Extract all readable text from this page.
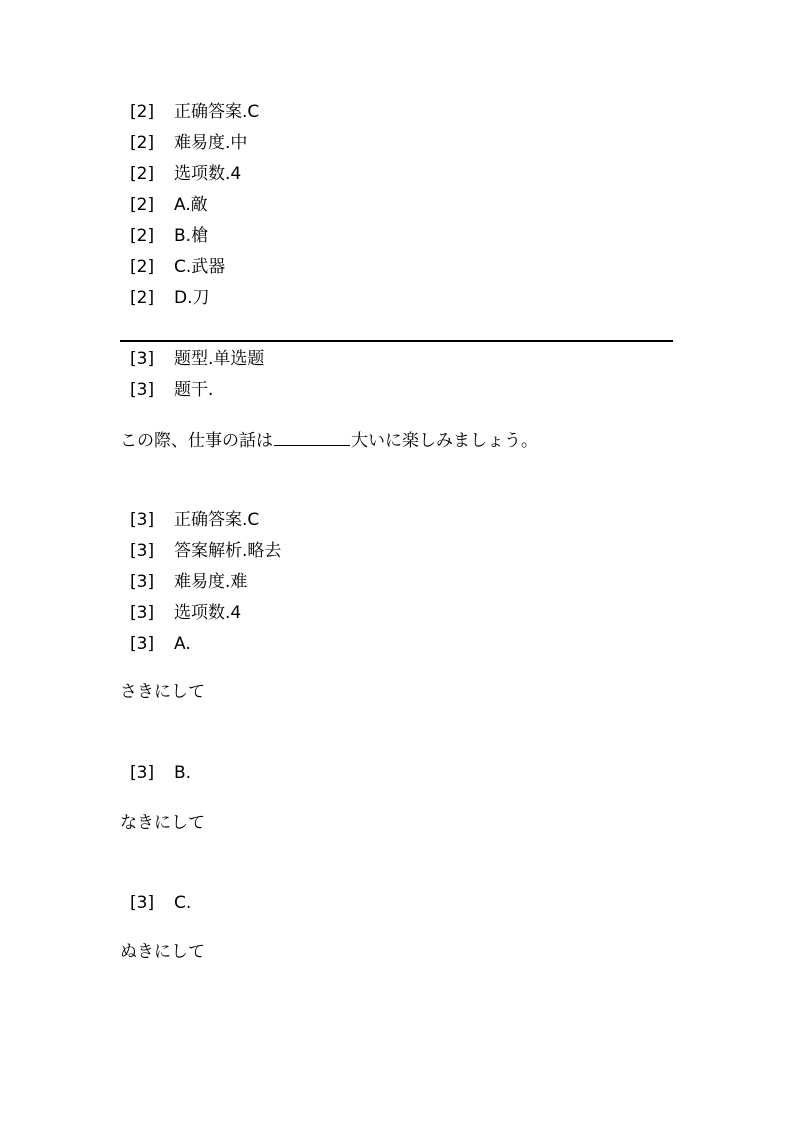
[2] 正确答案.C
[2] 难易度.中
[2] 选项数.4
[2] A.敵
[2] B.槍
[2] C.武器
[2] D.刀
[3] 题型.单选题
[3] 题干.
この際、仕事の話は	大いに楽しみましょう。
[3] 正确答案.C
[3] 答案解析.略去
[3] 难易度.难
[3] 选项数.4
[3] A.
さきにして
[3] B.
なきにして
[3] C.
ぬきにして
